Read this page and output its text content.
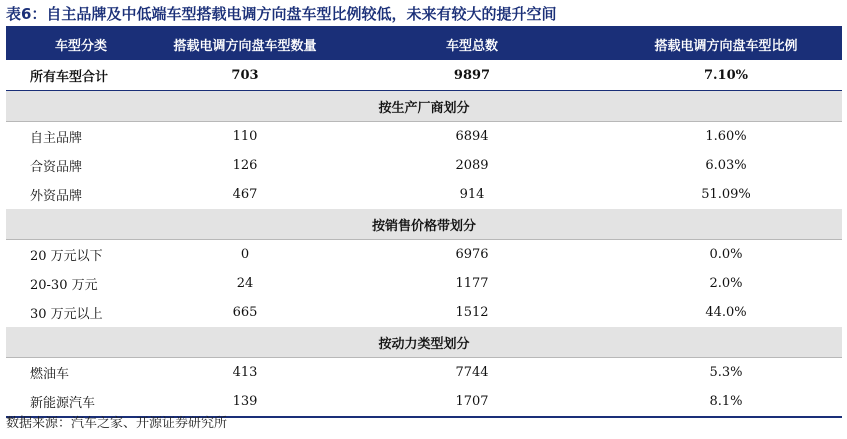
表6：自主品牌及中低端车型搭载电调方向盘车型比例较低，未来有较大的提升空间
车型分类	搭载电调方向盘车型数量	车型总数	搭载电调方向盘车型比例
所有车型合计	703	9897	7.10%
按生产厂商划分
自主品牌	110	6894	1.60%
合资品牌	126	2089	6.03%
外资品牌	467	914	51.09%
按销售价格带划分
20 万元以下	0	6976	0.0%
20-30 万元	24	1177	2.0%
30 万元以上	665	1512	44.0%
按动力类型划分
燃油车	413	7744	5.3%
新能源汽车	139	1707	8.1%
数据来源：汽车之家、开源证券研究所
